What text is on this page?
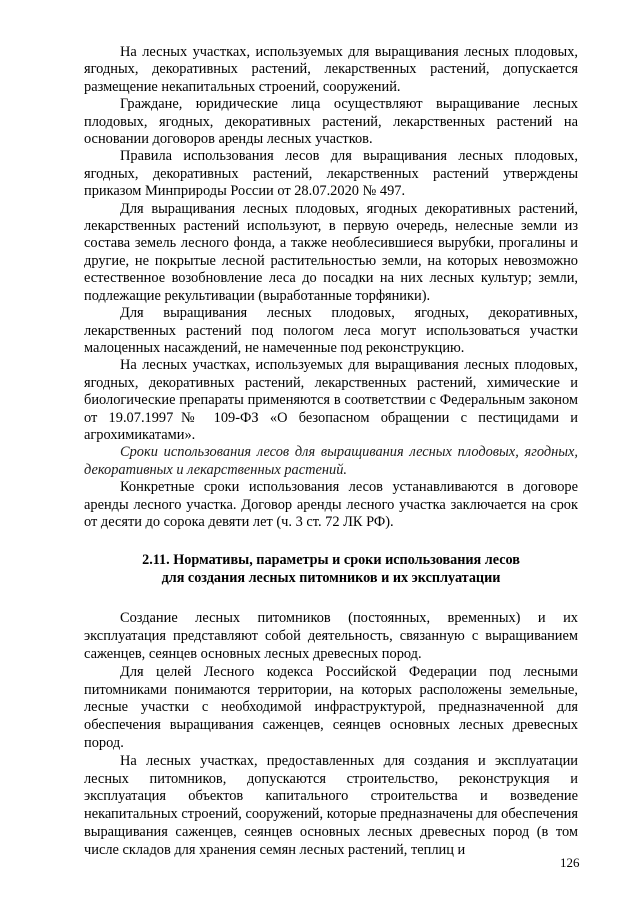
На лесных участках, используемых для выращивания лесных плодовых, ягодных, декоративных растений, лекарственных растений, допускается размещение некапитальных строений, сооружений.

Граждане, юридические лица осуществляют выращивание лесных плодовых, ягодных, декоративных растений, лекарственных растений на основании договоров аренды лесных участков.

Правила использования лесов для выращивания лесных плодовых, ягодных, декоративных растений, лекарственных растений утверждены приказом Минприроды России от 28.07.2020 № 497.

Для выращивания лесных плодовых, ягодных декоративных растений, лекарственных растений используют, в первую очередь, нелесные земли из состава земель лесного фонда, а также необлесившиеся вырубки, прогалины и другие, не покрытые лесной растительностью земли, на которых невозможно естественное возобновление леса до посадки на них лесных культур; земли, подлежащие рекультивации (выработанные торфяники).

Для выращивания лесных плодовых, ягодных, декоративных, лекарственных растений под пологом леса могут использоваться участки малоценных насаждений, не намеченные под реконструкцию.

На лесных участках, используемых для выращивания лесных плодовых, ягодных, декоративных растений, лекарственных растений, химические и биологические препараты применяются в соответствии с Федеральным законом от 19.07.1997№ 109-ФЗ «О безопасном обращении с пестицидами и агрохимикатами».

Сроки использования лесов для выращивания лесных плодовых, ягодных, декоративных и лекарственных растений.

Конкретные сроки использования лесов устанавливаются в договоре аренды лесного участка. Договор аренды лесного участка заключается на срок от десяти до сорока девяти лет (ч. 3 ст. 72 ЛК РФ).

2.11. Нормативы, параметры и сроки использования лесов

для создания лесных питомников и их эксплуатации

Создание лесных питомников (постоянных, временных) и их эксплуатация представляют собой деятельность, связанную с выращиванием саженцев, сеянцев основных лесных древесных пород.

Для целей Лесного кодекса Российской Федерации под лесными питомниками понимаются территории, на которых расположены земельные, лесные участки с необходимой инфраструктурой, предназначенной для обеспечения выращивания саженцев, сеянцев основных лесных древесных пород.

На лесных участках, предоставленных для создания и эксплуатации лесных питомников, допускаются строительство, реконструкция и эксплуатация объектов капитального строительства и возведение некапитальных строений, сооружений, которые предназначены для обеспечения выращивания саженцев, сеянцев основных лесных древесных пород (в том числе складов для хранения семян лесных растений, теплиц и

126
